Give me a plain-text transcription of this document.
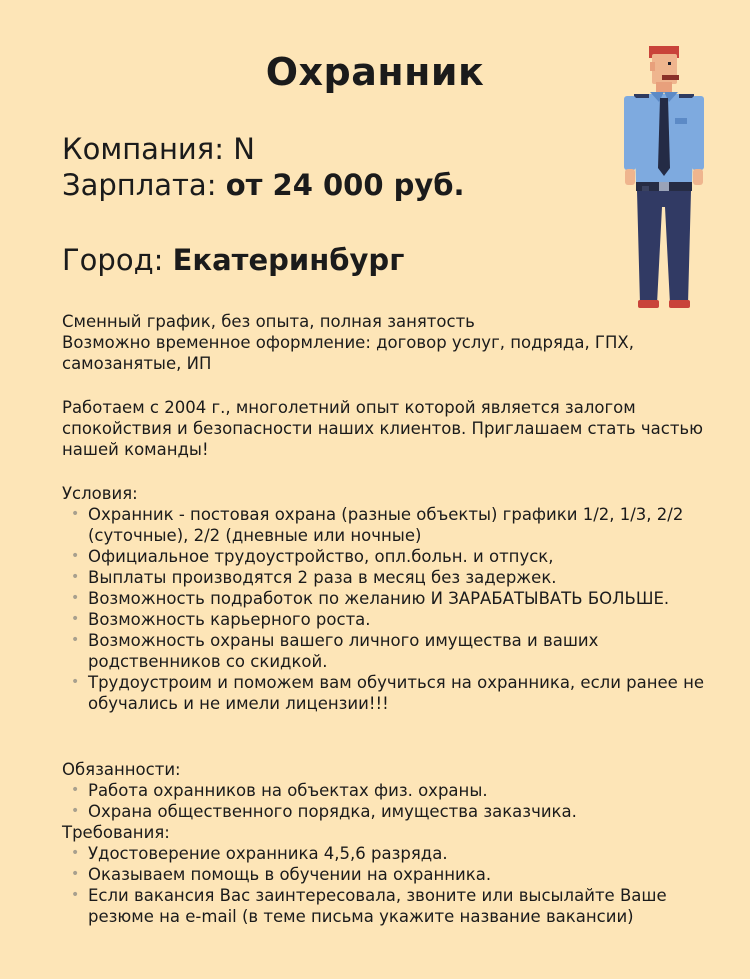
Охранник
Компания: N
Зарплата: от 24 000 руб.
Город: Екатеринбург

Сменный график, без опыта, полная занятость

Возможно временное оформление: договор услуг, подряда, ГПХ, самозанятые, ИП

Работаем с 2004 г., многолетний опыт которой является залогом спокойствия и безопасности наших клиентов. Приглашаем стать частью нашей команды!

Условия:

• Охранник - постовая охрана (разные объекты) графики 1/2, 1/3, 2/2 (суточные), 2/2 (дневные или ночные)
• Официальное трудоустройство, опл.больн. и отпуск,
• Выплаты производятся 2 раза в месяц без задержек.
• Возможность подработок по желанию И ЗАРАБАТЫВАТЬ БОЛЬШЕ.
• Возможность карьерного роста.
• Возможность охраны вашего личного имущества и ваших родственников со скидкой.
• Трудоустроим и поможем вам обучиться на охранника, если ранее не обучались и не имели лицензии!!!

Обязанности:

• Работа охранников на объектах физ. охраны.
• Охрана общественного порядка, имущества заказчика.

Требования:

• Удостоверение охранника 4,5,6 разряда.
• Оказываем помощь в обучении на охранника.
• Если вакансия Вас заинтересовала, звоните или высылайте Ваше резюме на e-mail (в теме письма укажите название вакансии)
